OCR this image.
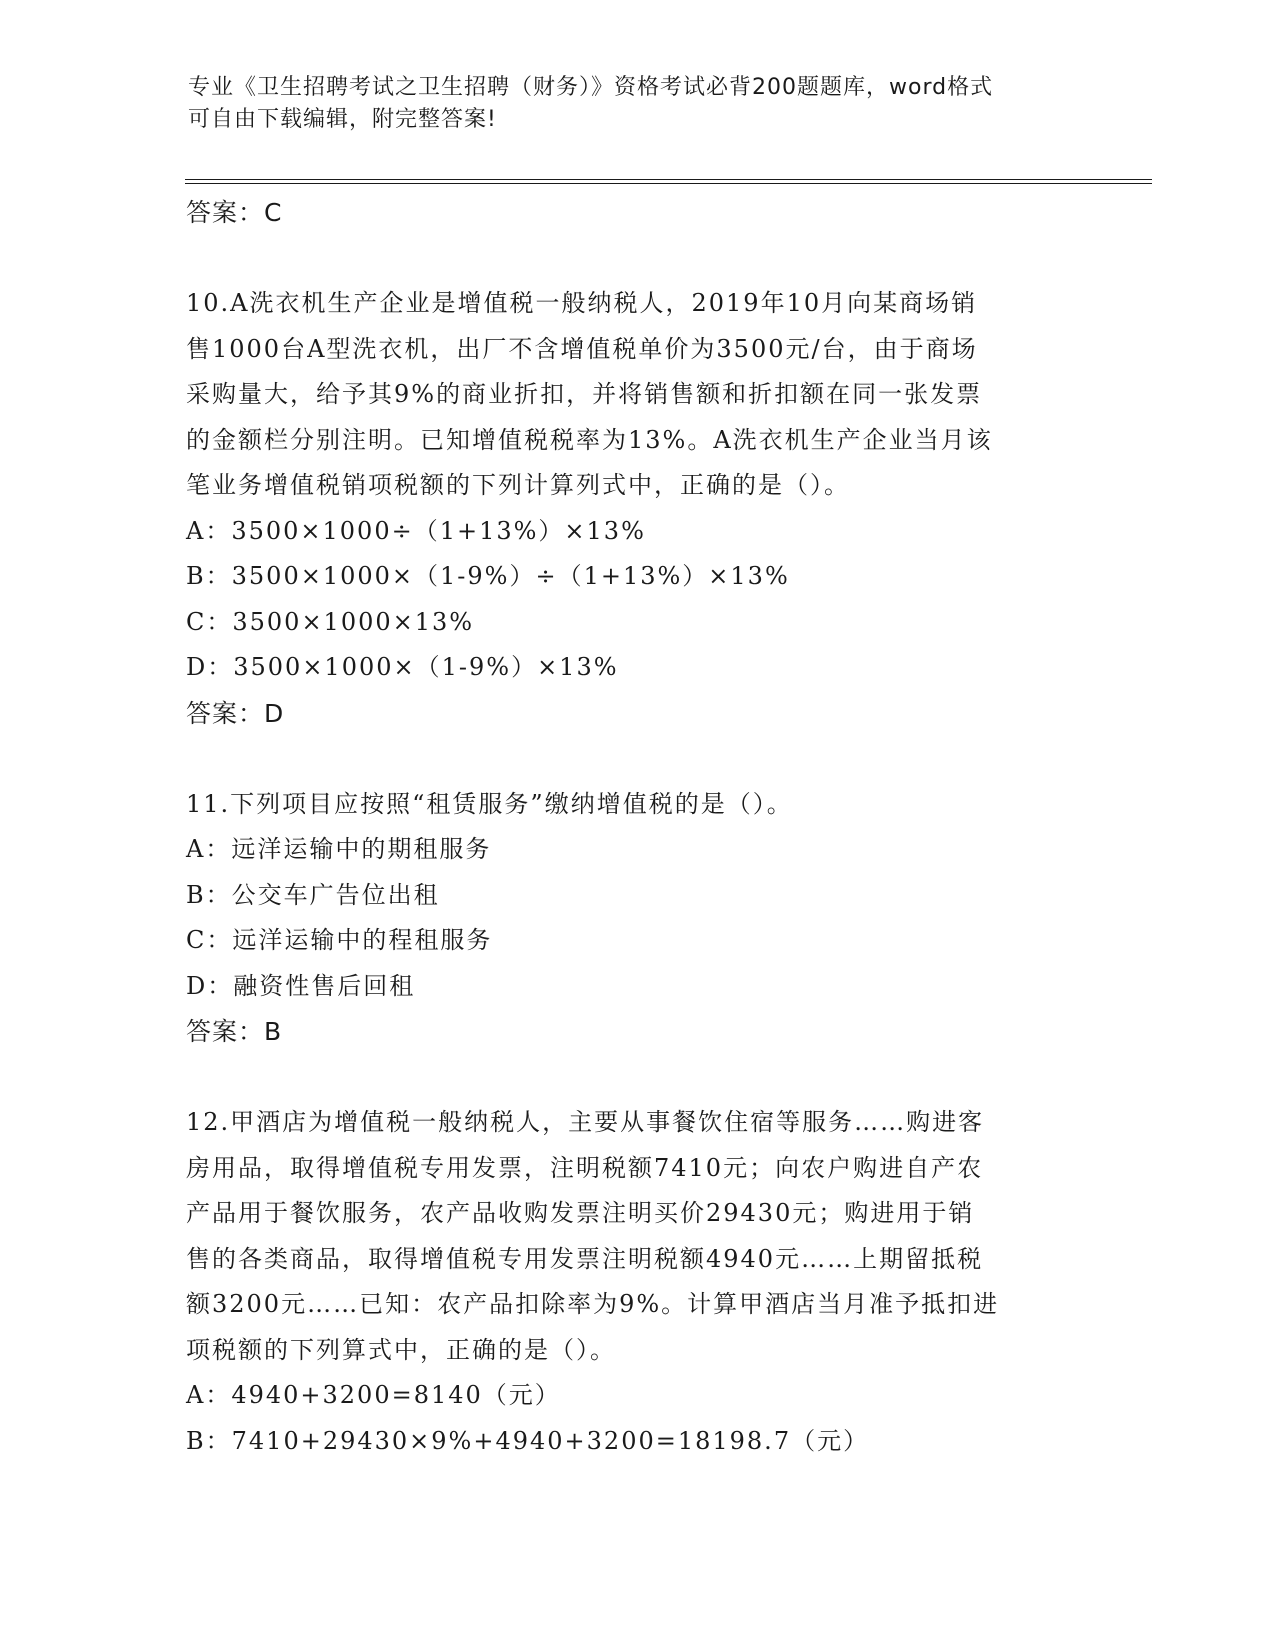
专业《卫生招聘考试之卫生招聘（财务）》资格考试必背200题题库，word格式
可自由下载编辑，附完整答案!
答案：C
10.A洗衣机生产企业是增值税一般纳税人，2019年10月向某商场销
售1000台A型洗衣机，出厂不含增值税单价为3500元/台，由于商场
采购量大，给予其9%的商业折扣，并将销售额和折扣额在同一张发票
的金额栏分别注明。已知增值税税率为13%。A洗衣机生产企业当月该
笔业务增值税销项税额的下列计算列式中，正确的是（）。
A：3500×1000÷（1+13%）×13%
B：3500×1000×（1-9%）÷（1+13%）×13%
C：3500×1000×13%
D：3500×1000×（1-9%）×13%
答案：D
11.下列项目应按照“租赁服务”缴纳增值税的是（）。
A：远洋运输中的期租服务
B：公交车广告位出租
C：远洋运输中的程租服务
D：融资性售后回租
答案：B
12.甲酒店为增值税一般纳税人，主要从事餐饮住宿等服务……购进客
房用品，取得增值税专用发票，注明税额7410元；向农户购进自产农
产品用于餐饮服务，农产品收购发票注明买价29430元；购进用于销
售的各类商品，取得增值税专用发票注明税额4940元……上期留抵税
额3200元……已知：农产品扣除率为9%。计算甲酒店当月准予抵扣进
项税额的下列算式中，正确的是（）。
A：4940+3200=8140（元）
B：7410+29430×9%+4940+3200=18198.7（元）
